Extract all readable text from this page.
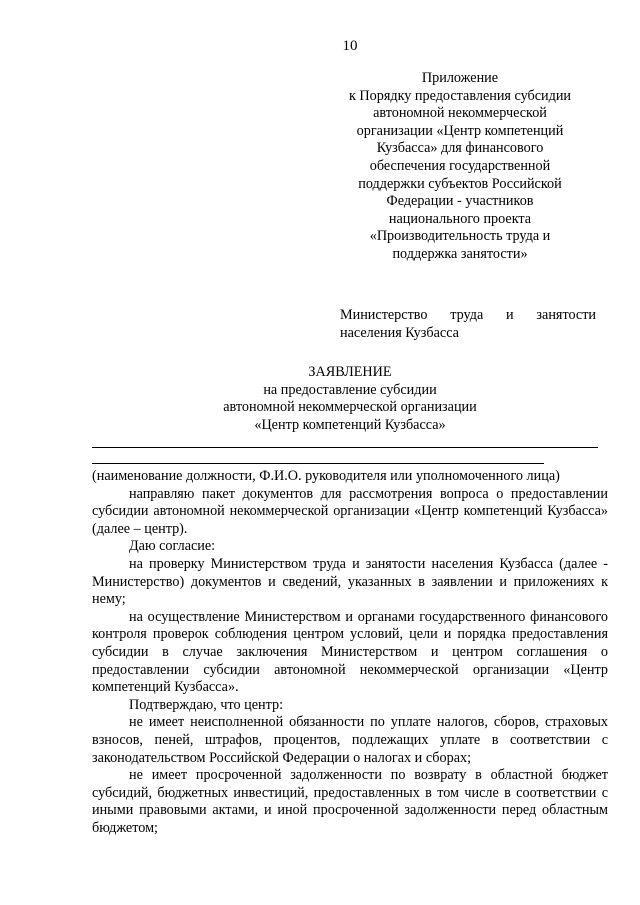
10
Приложение
к Порядку предоставления субсидии
автономной некоммерческой
организации «Центр компетенций
Кузбасса» для финансового
обеспечения государственной
поддержки субъектов Российской
Федерации - участников
национального проекта
«Производительность труда и
поддержка занятости»
Министерство труда и занятости
населения Кузбасса
ЗАЯВЛЕНИЕ
на предоставление субсидии
автономной некоммерческой организации
«Центр компетенций Кузбасса»

(наименование должности, Ф.И.О. руководителя или уполномоченного лица)

направляю пакет документов для рассмотрения вопроса о предоставлении субсидии автономной некоммерческой организации «Центр компетенций Кузбасса» (далее – центр).

Даю согласие:

на проверку Министерством труда и занятости населения Кузбасса (далее - Министерство) документов и сведений, указанных в заявлении и приложениях к нему;

на осуществление Министерством и органами государственного финансового контроля проверок соблюдения центром условий, цели и порядка предоставления субсидии в случае заключения Министерством и центром соглашения о предоставлении субсидии автономной некоммерческой организации «Центр компетенций Кузбасса».

Подтверждаю, что центр:

не имеет неисполненной обязанности по уплате налогов, сборов, страховых взносов, пеней, штрафов, процентов, подлежащих уплате в соответствии с законодательством Российской Федерации о налогах и сборах;

не имеет просроченной задолженности по возврату в областной бюджет субсидий, бюджетных инвестиций, предоставленных в том числе в соответствии с иными правовыми актами, и иной просроченной задолженности перед областным бюджетом;
